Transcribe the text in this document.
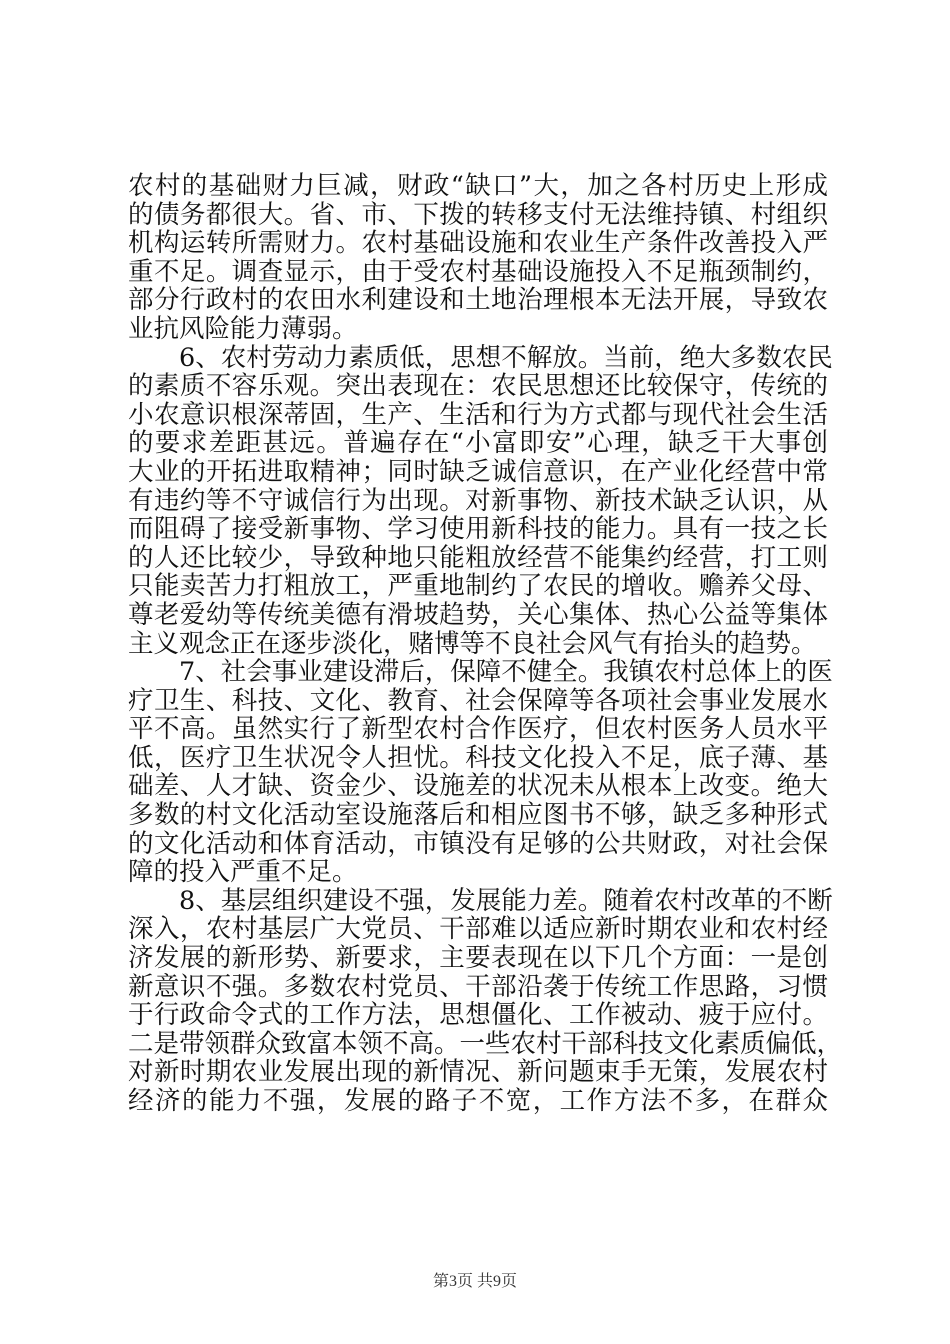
农村的基础财力巨减，财政“缺口”大，加之各村历史上形成
的债务都很大。省、市、下拨的转移支付无法维持镇、村组织
机构运转所需财力。农村基础设施和农业生产条件改善投入严
重不足。调查显示，由于受农村基础设施投入不足瓶颈制约，
部分行政村的农田水利建设和土地治理根本无法开展，导致农
业抗风险能力薄弱。
　　6、农村劳动力素质低，思想不解放。当前，绝大多数农民
的素质不容乐观。突出表现在：农民思想还比较保守，传统的
小农意识根深蒂固，生产、生活和行为方式都与现代社会生活
的要求差距甚远。普遍存在“小富即安”心理，缺乏干大事创
大业的开拓进取精神；同时缺乏诚信意识，在产业化经营中常
有违约等不守诚信行为出现。对新事物、新技术缺乏认识，从
而阻碍了接受新事物、学习使用新科技的能力。具有一技之长
的人还比较少，导致种地只能粗放经营不能集约经营，打工则
只能卖苦力打粗放工，严重地制约了农民的增收。赡养父母、
尊老爱幼等传统美德有滑坡趋势，关心集体、热心公益等集体
主义观念正在逐步淡化，赌博等不良社会风气有抬头的趋势。
　　7、社会事业建设滞后，保障不健全。我镇农村总体上的医
疗卫生、科技、文化、教育、社会保障等各项社会事业发展水
平不高。虽然实行了新型农村合作医疗，但农村医务人员水平
低，医疗卫生状况令人担忧。科技文化投入不足，底子薄、基
础差、人才缺、资金少、设施差的状况未从根本上改变。绝大
多数的村文化活动室设施落后和相应图书不够，缺乏多种形式
的文化活动和体育活动，市镇没有足够的公共财政，对社会保
障的投入严重不足。
　　8、基层组织建设不强，发展能力差。随着农村改革的不断
深入，农村基层广大党员、干部难以适应新时期农业和农村经
济发展的新形势、新要求，主要表现在以下几个方面：一是创
新意识不强。多数农村党员、干部沿袭于传统工作思路，习惯
于行政命令式的工作方法，思想僵化、工作被动、疲于应付。
二是带领群众致富本领不高。一些农村干部科技文化素质偏低，
对新时期农业发展出现的新情况、新问题束手无策，发展农村
经济的能力不强，发展的路子不宽，工作方法不多，在群众
第3页 共9页
